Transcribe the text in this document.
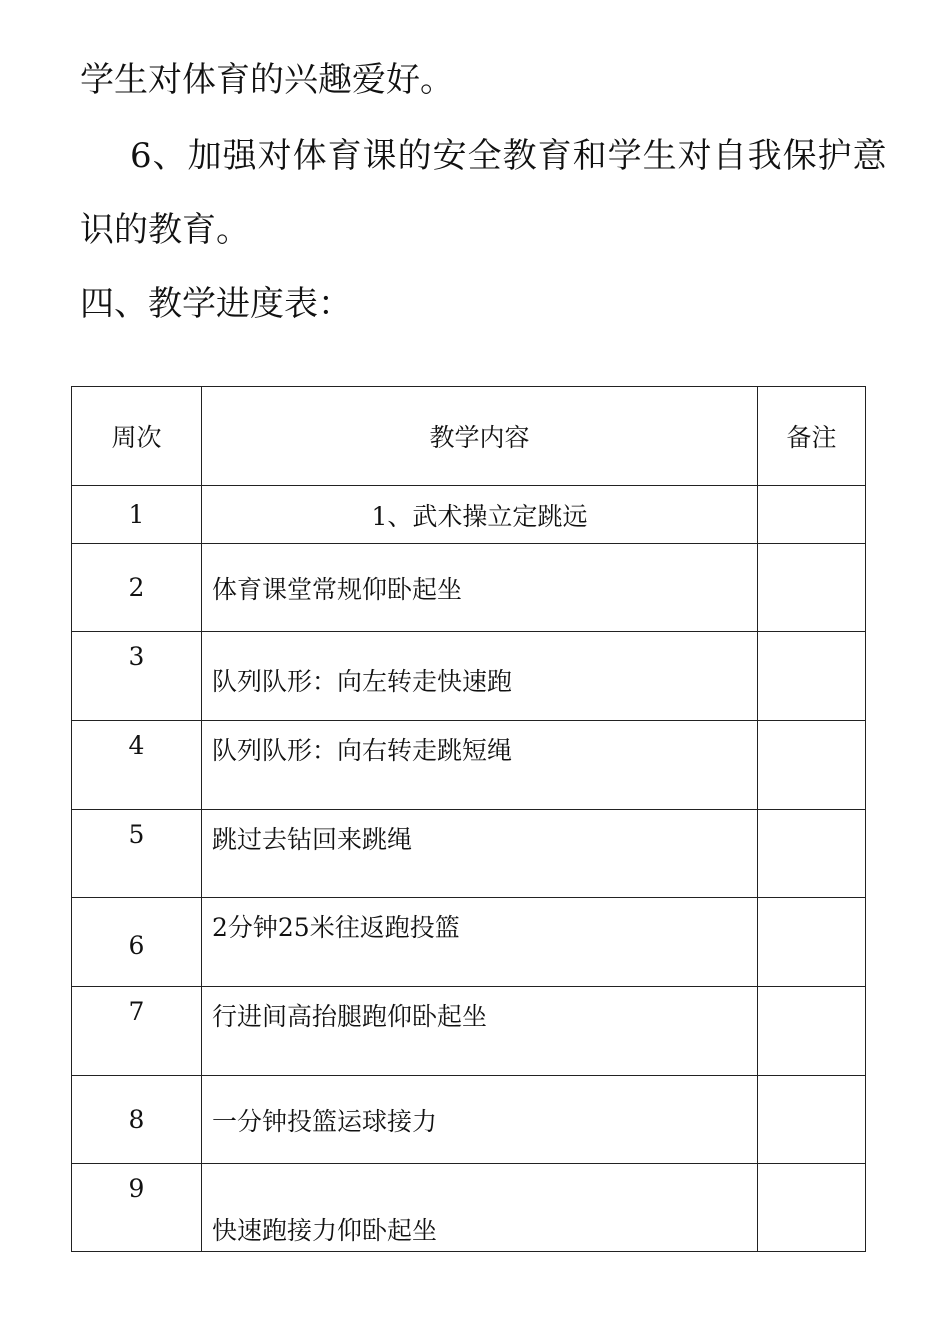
学生对体育的兴趣爱好。

6、加强对体育课的安全教育和学生对自我保护意

识的教育。

四、教学进度表：

周次	教学内容	备注
1	1、武术操立定跳远	
2	体育课堂常规仰卧起坐	
3	队列队形：向左转走快速跑	
4	队列队形：向右转走跳短绳	
5	跳过去钻回来跳绳	
6	2分钟25米往返跑投篮	
7	行进间高抬腿跑仰卧起坐	
8	一分钟投篮运球接力	
9	快速跑接力仰卧起坐	
